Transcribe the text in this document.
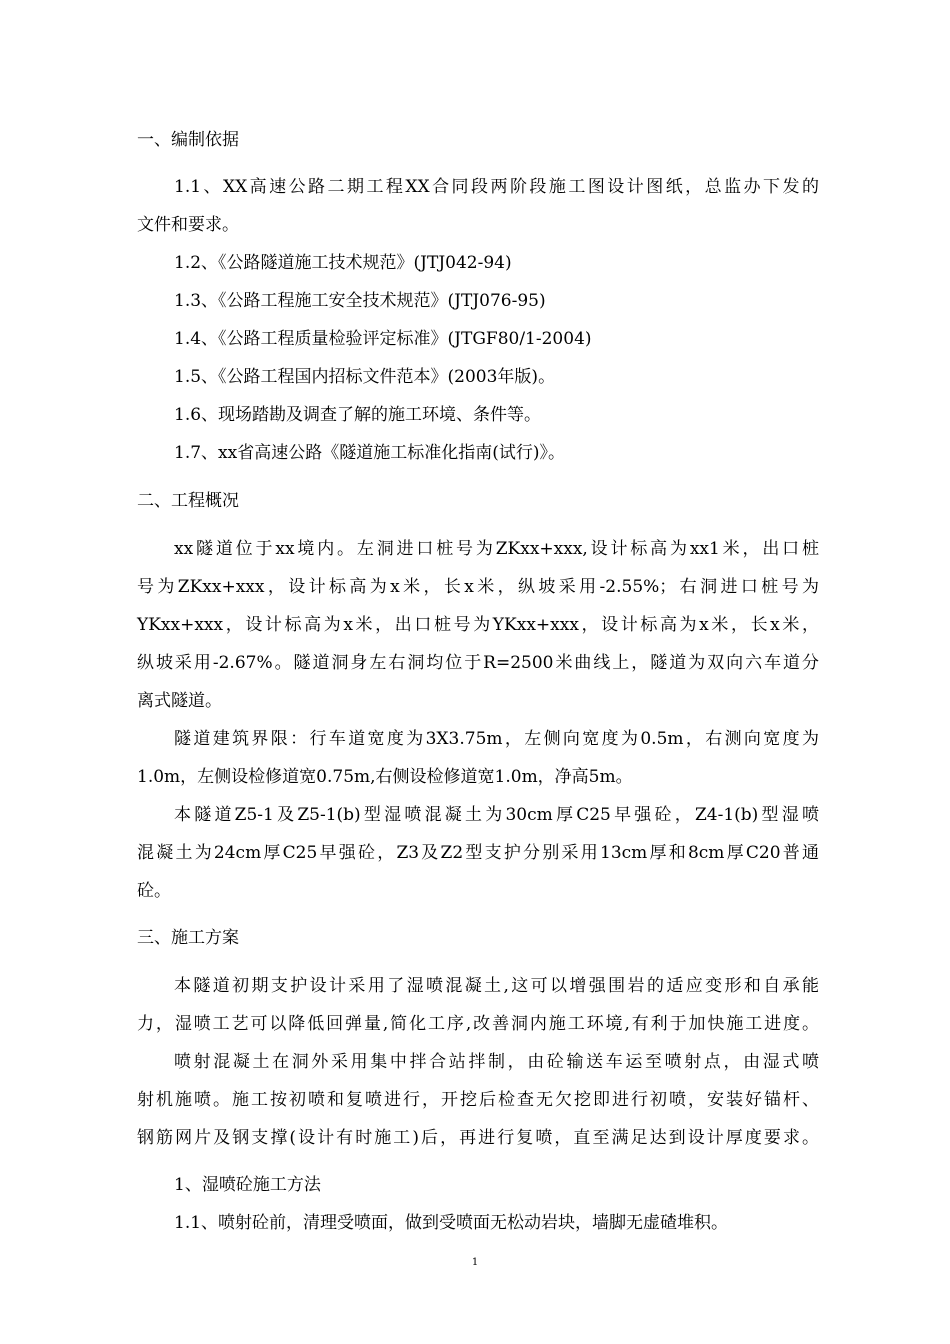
一、编制依据

1.1、XX高速公路二期工程XX合同段两阶段施工图设计图纸，总监办下发的

文件和要求。

1.2、《公路隧道施工技术规范》(JTJ042-94)

1.3、《公路工程施工安全技术规范》(JTJ076-95)

1.4、《公路工程质量检验评定标准》(JTGF80/1-2004)

1.5、《公路工程国内招标文件范本》(2003年版)。

1.6、现场踏勘及调查了解的施工环境、条件等。

1.7、xx省高速公路《隧道施工标准化指南(试行)》。

二、工程概况

xx隧道位于xx境内。左洞进口桩号为ZKxx+xxx,设计标高为xx1米，出口桩

号为ZKxx+xxx，设计标高为x米，长x米，纵坡采用-2.55%；右洞进口桩号为

YKxx+xxx，设计标高为x米，出口桩号为YKxx+xxx，设计标高为x米，长x米，

纵坡采用-2.67%。隧道洞身左右洞均位于R=2500米曲线上，隧道为双向六车道分

离式隧道。

隧道建筑界限：行车道宽度为3X3.75m，左侧向宽度为0.5m，右测向宽度为

1.0m，左侧设检修道宽0.75m,右侧设检修道宽1.0m，净高5m。

本隧道Z5-1及Z5-1(b)型湿喷混凝土为30cm厚C25早强砼，Z4-1(b)型湿喷

混凝土为24cm厚C25早强砼，Z3及Z2型支护分别采用13cm厚和8cm厚C20普通

砼。

三、施工方案

本隧道初期支护设计采用了湿喷混凝土,这可以增强围岩的适应变形和自承能

力，湿喷工艺可以降低回弹量,简化工序,改善洞内施工环境,有利于加快施工进度。

喷射混凝土在洞外采用集中拌合站拌制，由砼输送车运至喷射点，由湿式喷

射机施喷。施工按初喷和复喷进行，开挖后检查无欠挖即进行初喷，安装好锚杆、

钢筋网片及钢支撑(设计有时施工)后，再进行复喷，直至满足达到设计厚度要求。

1、湿喷砼施工方法

1.1、喷射砼前，清理受喷面，做到受喷面无松动岩块，墙脚无虚碴堆积。

1
